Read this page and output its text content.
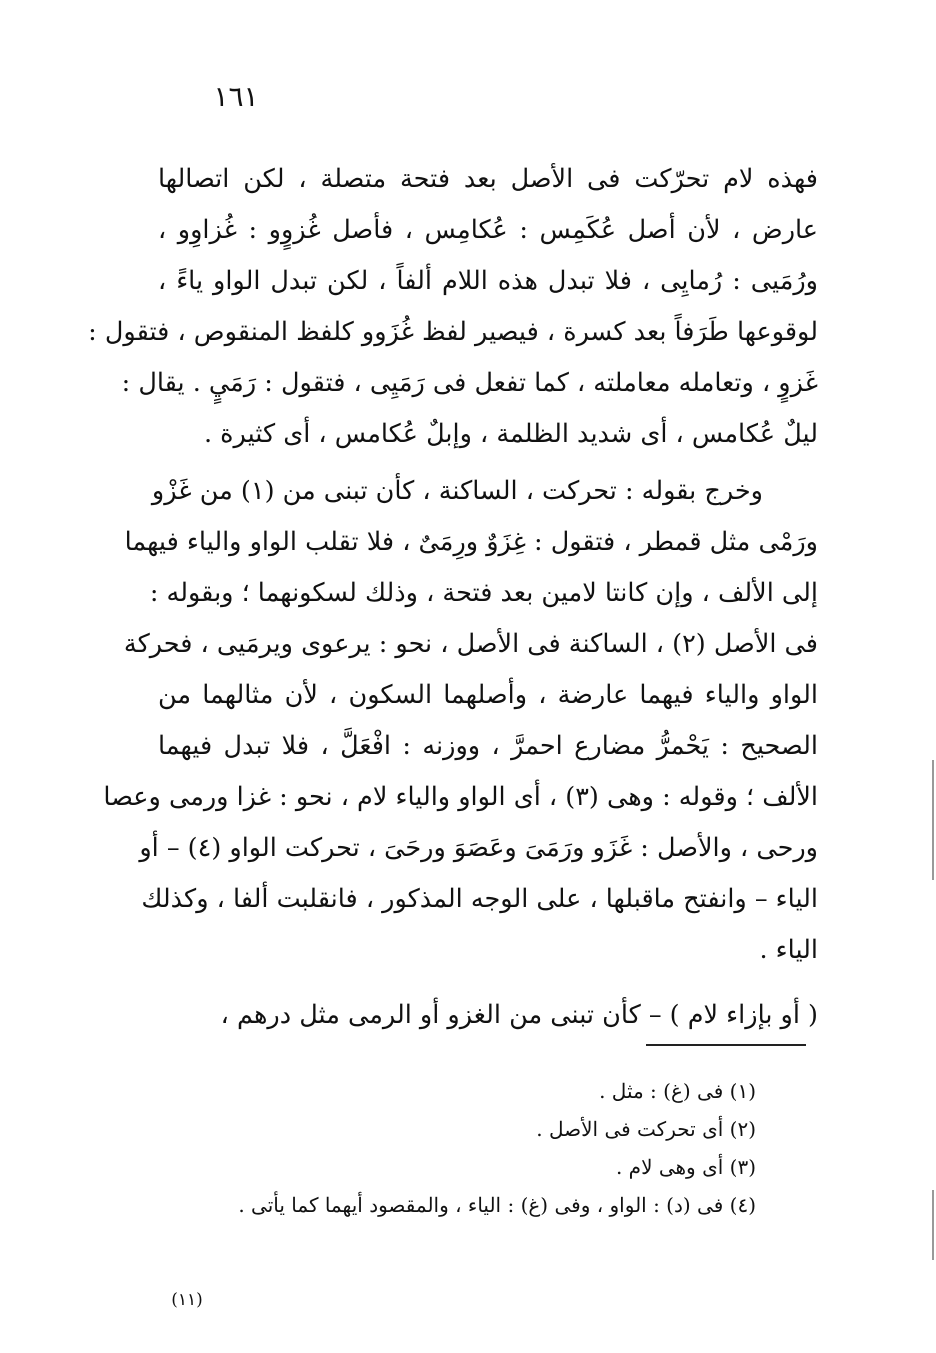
١٦١
فهذه لام تحرّكت فى الأصل بعد فتحة متصلة ، لكن اتصالها
عارض ، لأن أصل عُكَمِس : عُكامِس ، فأصل غُزوٍو : غُزاوِو ،
ورُمَيى : رُمايِى ، فلا تبدل هذه اللام ألفاً ، لكن تبدل الواو ياءً ،
لوقوعها طَرَفاً بعد كسرة ، فيصير لفظ غُزَوو كلفظ المنقوص ، فتقول :
غَزوٍ ، وتعامله معاملته ، كما تفعل فى رَمَيِى ، فتقول : رَمَيٍ . يقال :
ليلٌ عُكامس ، أى شديد الظلمة ، وإبلٌ عُكامس ، أى كثيرة .
وخرج بقوله : تحركت ، الساكنة ، كأن تبنى من (١) من غَزْو
ورَمْى مثل قمطر ، فتقول : غِزَوٌ ورِمَىٌ ، فلا تقلب الواو والياء فيهما
إلى الألف ، وإن كانتا لامين بعد فتحة ، وذلك لسكونهما ؛ وبقوله :
فى الأصل (٢) ، الساكنة فى الأصل ، نحو : يرعوى ويرمَيى ، فحركة
الواو والياء فيهما عارضة ، وأصلهما السكون ، لأن مثالهما من
الصحيح : يَحْمرُّ مضارع احمرَّ ، ووزنه : افْعَلَّ ، فلا تبدل فيهما
الألف ؛ وقوله : وهى (٣) ، أى الواو والياء لام ، نحو : غزا ورمى وعصا
ورحى ، والأصل : غَزَو ورَمَىَ وعَصَوَ ورحَىَ ، تحركت الواو (٤) – أو
الياء – وانفتح ماقبلها ، على الوجه المذكور ، فانقلبت ألفا ، وكذلك
الياء .
( أو بإزاء لام ) – كأن تبنى من الغزو أو الرمى مثل درهم ،
(١) فى (غ) : مثل .
(٢) أى تحركت فى الأصل .
(٣) أى وهى لام .
(٤) فى (د) : الواو ، وفى (غ) : الياء ، والمقصود أيهما كما يأتى .
(١١)
